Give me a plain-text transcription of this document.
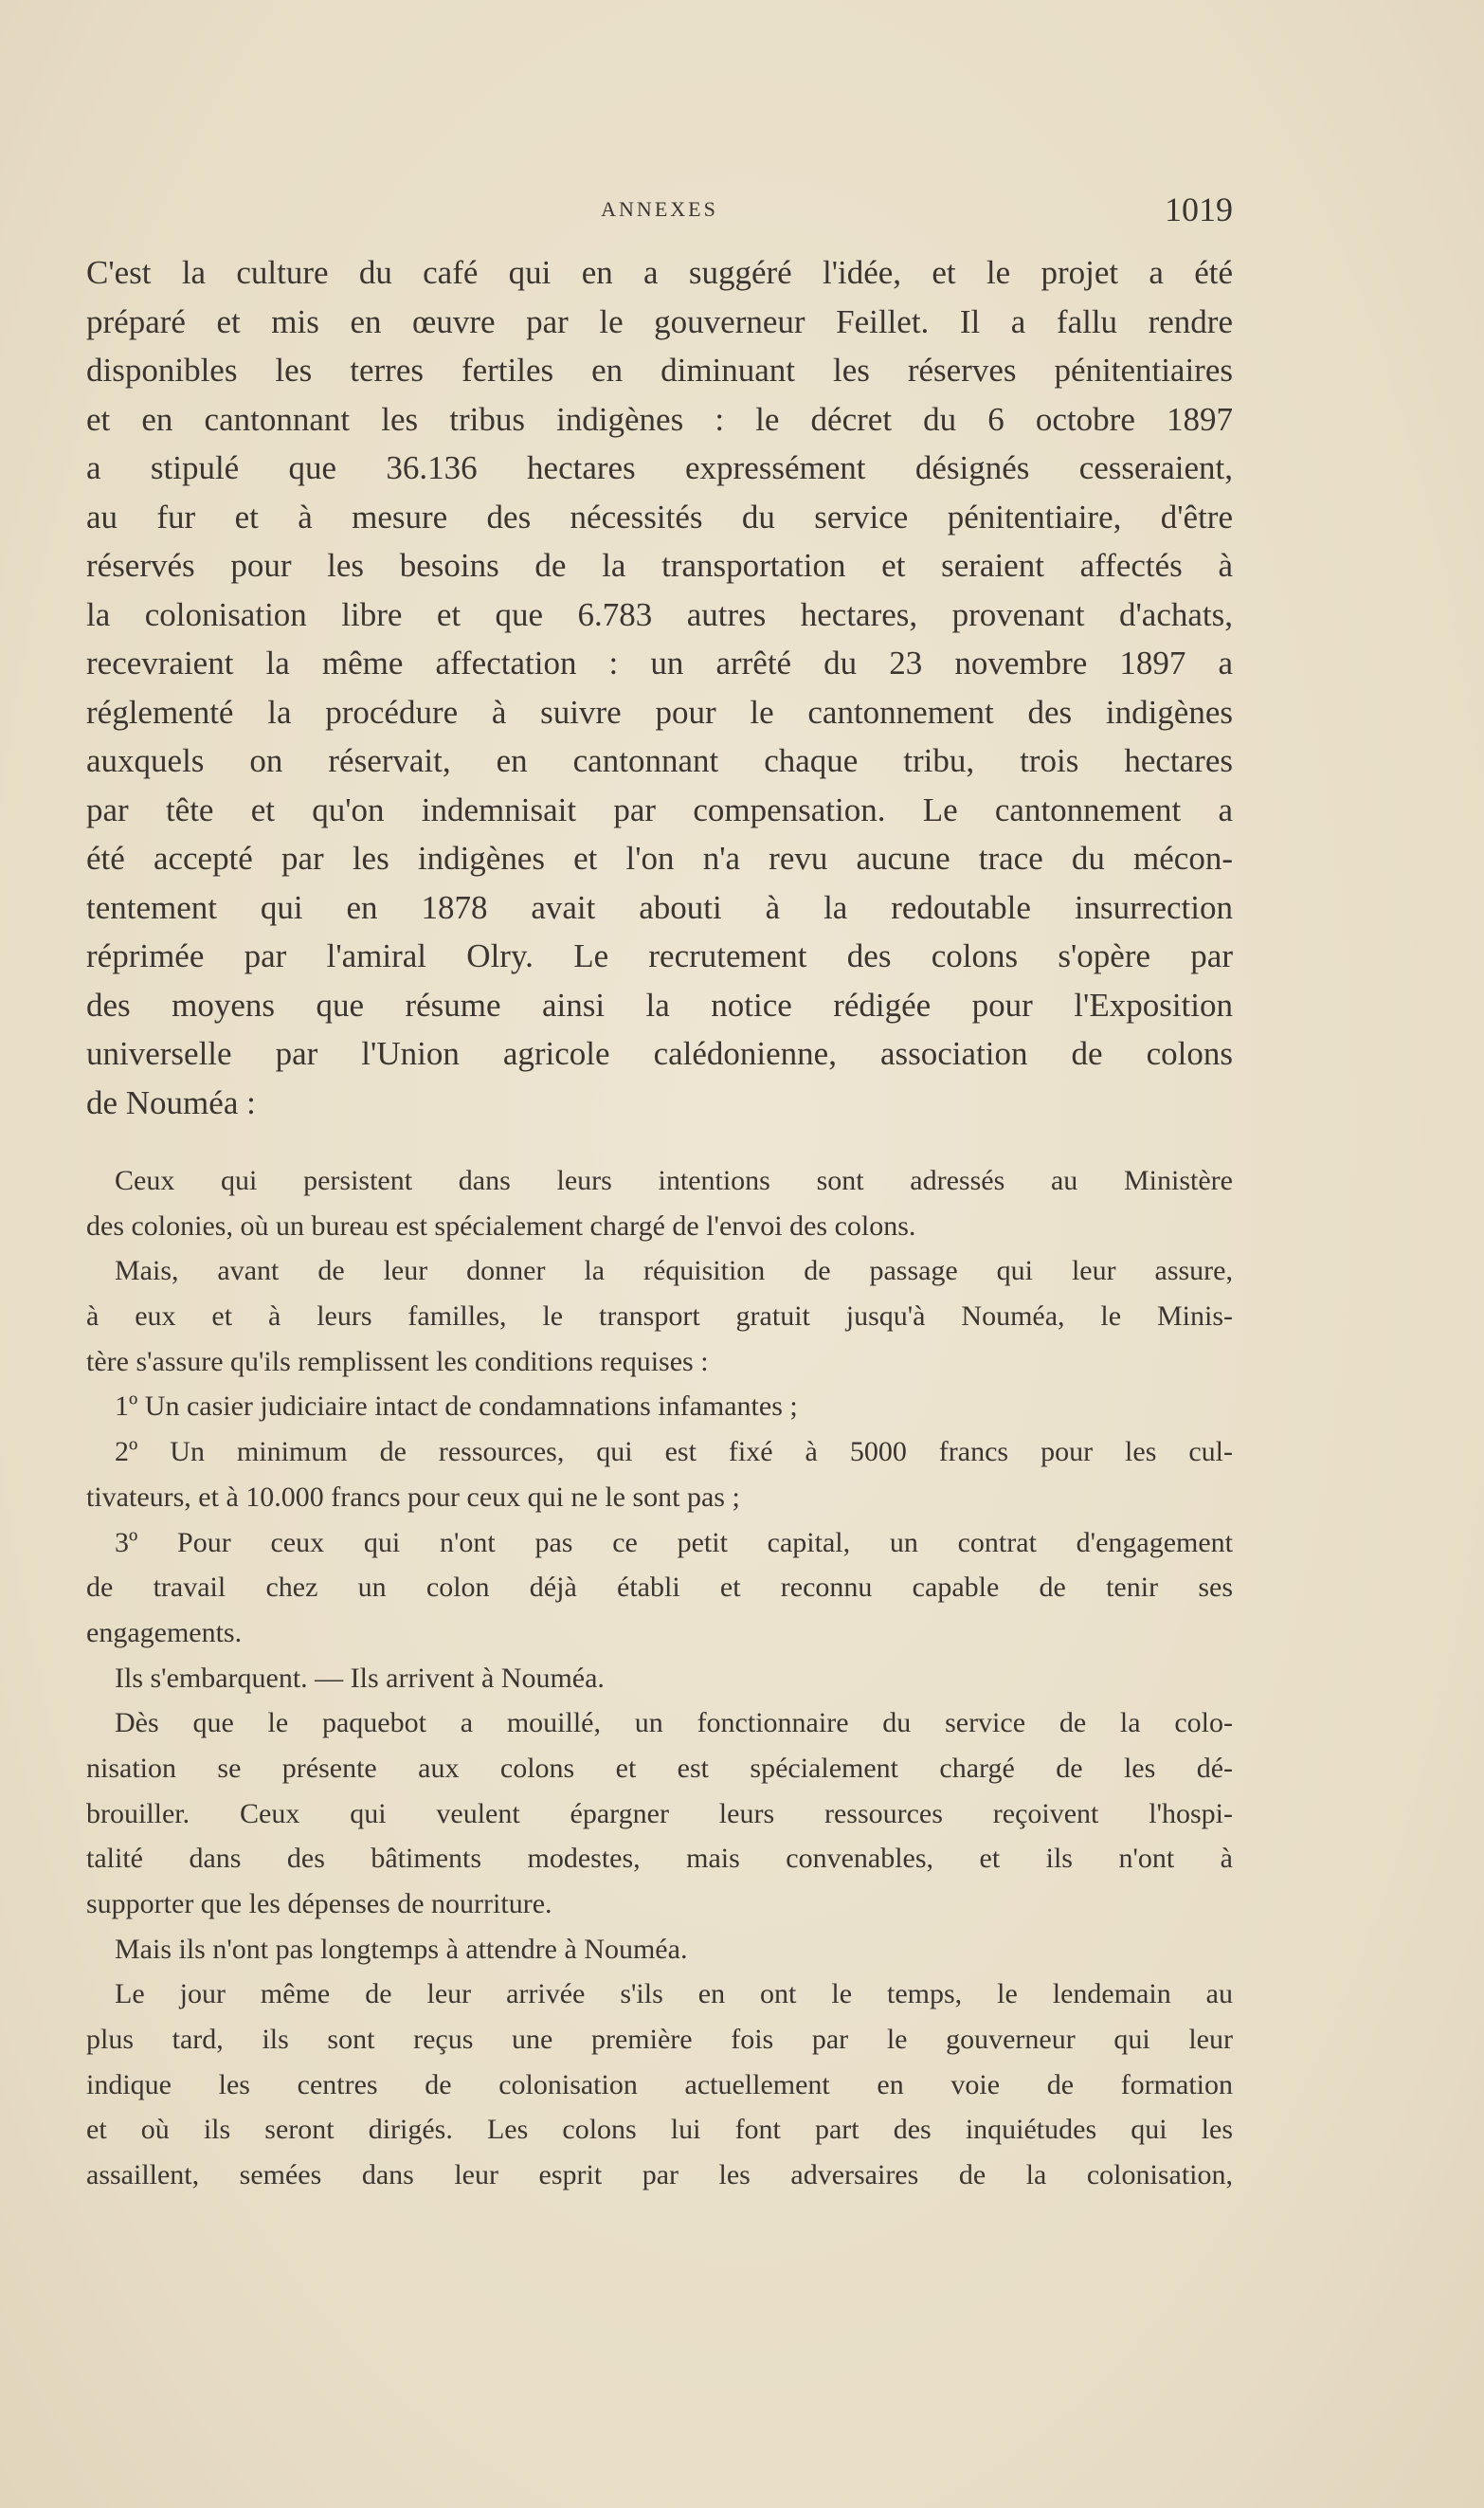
ANNEXES	1019
C'est la culture du café qui en a suggéré l'idée, et le projet a été
préparé et mis en œuvre par le gouverneur Feillet. Il a fallu rendre
disponibles les terres fertiles en diminuant les réserves pénitentiaires
et en cantonnant les tribus indigènes : le décret du 6 octobre 1897
a stipulé que 36.136 hectares expressément désignés cesseraient,
au fur et à mesure des nécessités du service pénitentiaire, d'être
réservés pour les besoins de la transportation et seraient affectés à
la colonisation libre et que 6.783 autres hectares, provenant d'achats,
recevraient la même affectation : un arrêté du 23 novembre 1897 a
réglementé la procédure à suivre pour le cantonnement des indigènes
auxquels on réservait, en cantonnant chaque tribu, trois hectares
par tête et qu'on indemnisait par compensation. Le cantonnement a
été accepté par les indigènes et l'on n'a revu aucune trace du mécon-
tentement qui en 1878 avait abouti à la redoutable insurrection
réprimée par l'amiral Olry. Le recrutement des colons s'opère par
des moyens que résume ainsi la notice rédigée pour l'Exposition
universelle par l'Union agricole calédonienne, association de colons
de Nouméa :
Ceux qui persistent dans leurs intentions sont adressés au Ministère
des colonies, où un bureau est spécialement chargé de l'envoi des colons.
Mais, avant de leur donner la réquisition de passage qui leur assure,
à eux et à leurs familles, le transport gratuit jusqu'à Nouméa, le Minis-
tère s'assure qu'ils remplissent les conditions requises :
1º Un casier judiciaire intact de condamnations infamantes ;
2º Un minimum de ressources, qui est fixé à 5000 francs pour les cul-
tivateurs, et à 10.000 francs pour ceux qui ne le sont pas ;
3º Pour ceux qui n'ont pas ce petit capital, un contrat d'engagement
de travail chez un colon déjà établi et reconnu capable de tenir ses
engagements.
Ils s'embarquent. — Ils arrivent à Nouméa.
Dès que le paquebot a mouillé, un fonctionnaire du service de la colo-
nisation se présente aux colons et est spécialement chargé de les dé-
brouiller. Ceux qui veulent épargner leurs ressources reçoivent l'hospi-
talité dans des bâtiments modestes, mais convenables, et ils n'ont à
supporter que les dépenses de nourriture.
Mais ils n'ont pas longtemps à attendre à Nouméa.
Le jour même de leur arrivée s'ils en ont le temps, le lendemain au
plus tard, ils sont reçus une première fois par le gouverneur qui leur
indique les centres de colonisation actuellement en voie de formation
et où ils seront dirigés. Les colons lui font part des inquiétudes qui les
assaillent, semées dans leur esprit par les adversaires de la colonisation,
